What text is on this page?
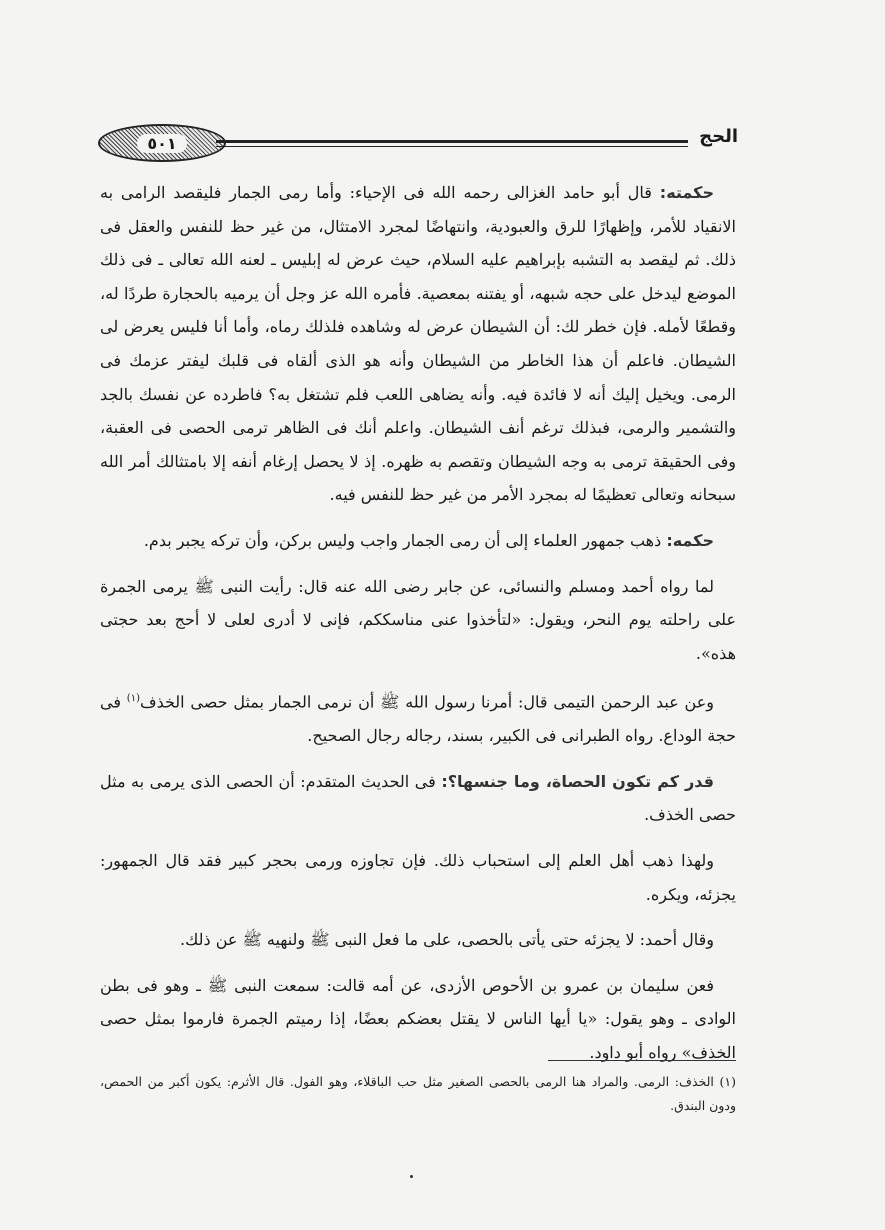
٥٠١	الحج

حكمته: قال أبو حامد الغزالى رحمه الله فى الإحياء: وأما رمى الجمار فليقصد الرامى به الانقياد للأمر، وإظهارًا للرق والعبودية، وانتهاضًا لمجرد الامتثال، من غير حظ للنفس والعقل فى ذلك. ثم ليقصد به التشبه بإبراهيم عليه السلام، حيث عرض له إبليس ـ لعنه الله تعالى ـ فى ذلك الموضع ليدخل على حجه شبهه، أو يفتنه بمعصية. فأمره الله عز وجل أن يرميه بالحجارة طردًا له، وقطعًا لأمله. فإن خطر لك: أن الشيطان عرض له وشاهده فلذلك رماه، وأما أنا فليس يعرض لى الشيطان. فاعلم أن هذا الخاطر من الشيطان وأنه هو الذى ألقاه فى قلبك ليفتر عزمك فى الرمى. ويخيل إليك أنه لا فائدة فيه. وأنه يضاهى اللعب فلم تشتغل به؟ فاطرده عن نفسك بالجد والتشمير والرمى، فبذلك ترغم أنف الشيطان. واعلم أنك فى الظاهر ترمى الحصى فى العقبة، وفى الحقيقة ترمى به وجه الشيطان وتقصم به ظهره. إذ لا يحصل إرغام أنفه إلا بامتثالك أمر الله سبحانه وتعالى تعظيمًا له بمجرد الأمر من غير حظ للنفس فيه.

حكمه: ذهب جمهور العلماء إلى أن رمى الجمار واجب وليس بركن، وأن تركه يجبر بدم.

لما رواه أحمد ومسلم والنسائى، عن جابر رضى الله عنه قال: رأيت النبى ﷺ يرمى الجمرة على راحلته يوم النحر، ويقول: «لتأخذوا عنى مناسككم، فإنى لا أدرى لعلى لا أحج بعد حجتى هذه».

وعن عبد الرحمن التيمى قال: أمرنا رسول الله ﷺ أن نرمى الجمار بمثل حصى الخذف$^{(١)}$ فى حجة الوداع. رواه الطبرانى فى الكبير، بسند، رجاله رجال الصحيح.

قدر كم تكون الحصاة، وما جنسها؟: فى الحديث المتقدم: أن الحصى الذى يرمى به مثل حصى الخذف.

ولهذا ذهب أهل العلم إلى استحباب ذلك. فإن تجاوزه ورمى بحجر كبير فقد قال الجمهور: يجزئه، ويكره.

وقال أحمد: لا يجزئه حتى يأتى بالحصى، على ما فعل النبى ﷺ ولنهيه ﷺ عن ذلك.

فعن سليمان بن عمرو بن الأحوص الأزدى، عن أمه قالت: سمعت النبى ﷺ ـ وهو فى بطن الوادى ـ وهو يقول: «يا أيها الناس لا يقتل بعضكم بعضًا، إذا رميتم الجمرة فارموا بمثل حصى الخذف» رواه أبو داود.

(١) الخذف: الرمى. والمراد هنا الرمى بالحصى الصغير مثل حب الباقلاء، وهو الفول. قال الأثرم: يكون أكبر من الحمص، ودون البندق.
